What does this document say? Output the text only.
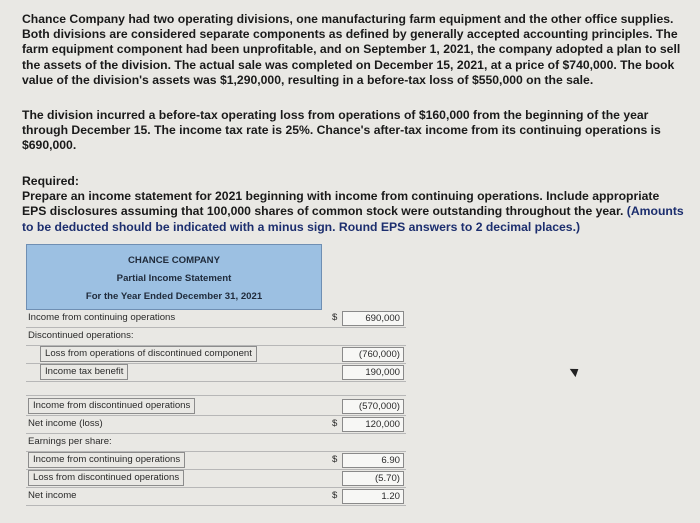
Chance Company had two operating divisions, one manufacturing farm equipment and the other office supplies. Both divisions are considered separate components as defined by generally accepted accounting principles. The farm equipment component had been unprofitable, and on September 1, 2021, the company adopted a plan to sell the assets of the division. The actual sale was completed on December 15, 2021, at a price of $740,000. The book value of the division's assets was $1,290,000, resulting in a before-tax loss of $550,000 on the sale.

The division incurred a before-tax operating loss from operations of $160,000 from the beginning of the year through December 15. The income tax rate is 25%. Chance's after-tax income from its continuing operations is $690,000.

Required:
Prepare an income statement for 2021 beginning with income from continuing operations. Include appropriate EPS disclosures assuming that 100,000 shares of common stock were outstanding throughout the year. (Amounts to be deducted should be indicated with a minus sign. Round EPS answers to 2 decimal places.)

CHANCE COMPANY
Partial Income Statement
For the Year Ended December 31, 2021
Income from continuing operations	$	690,000
Discontinued operations:
Loss from operations of discontinued component	(760,000)
Income tax benefit	190,000
Income from discontinued operations	(570,000)
Net income (loss)	$	120,000
Earnings per share:
Income from continuing operations	$	6.90
Loss from discontinued operations	(5.70)
Net income	$	1.20
